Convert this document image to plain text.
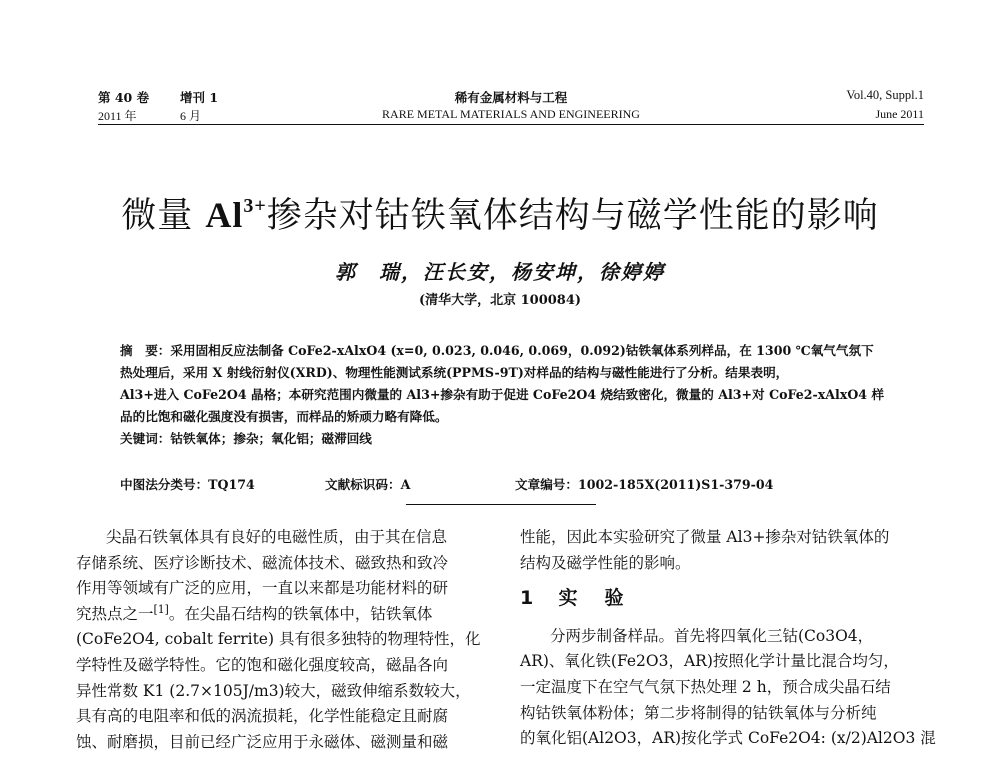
第 40 卷 增刊 1	稀有金属材料与工程	Vol.40, Suppl.1
2011 年	6 月	RARE METAL MATERIALS AND ENGINEERING	June 2011
微量 $Al^{3+}$掺杂对钴铁氧体结构与磁学性能的影响
郭　瑞，汪长安，杨安坤，徐婷婷
(清华大学，北京 100084)
摘　要：采用固相反应法制备 CoFe2-xAlxO4 (x=0, 0.023, 0.046, 0.069，0.092)钴铁氧体系列样品，在 1300 ℃氧气气氛下
热处理后，采用 X 射线衍射仪(XRD)、物理性能测试系统(PPMS-9T)对样品的结构与磁性能进行了分析。结果表明，
Al3+进入 CoFe2O4 晶格；本研究范围内微量的 Al3+掺杂有助于促进 CoFe2O4 烧结致密化，微量的 Al3+对 CoFe2-xAlxO4 样
品的比饱和磁化强度没有损害，而样品的矫顽力略有降低。
关键词：钴铁氧体；掺杂；氧化铝；磁滞回线
中图法分类号：TQ174	文献标识码：A	文章编号：1002-185X(2011)S1-379-04

尖晶石铁氧体具有良好的电磁性质，由于其在信息

存储系统、医疗诊断技术、磁流体技术、磁致热和致冷

作用等领域有广泛的应用，一直以来都是功能材料的研

究热点之一[1]。在尖晶石结构的铁氧体中，钴铁氧体

(CoFe2O4, cobalt ferrite) 具有很多独特的物理特性，化

学特性及磁学特性。它的饱和磁化强度较高，磁晶各向

异性常数 K1 (2.7×105J/m3)较大，磁致伸缩系数较大，

具有高的电阻率和低的涡流损耗，化学性能稳定且耐腐

蚀、耐磨损，目前已经广泛应用于永磁体、磁测量和磁

性能，因此本实验研究了微量 Al3+掺杂对钴铁氧体的

结构及磁学性能的影响。

1 实　验

分两步制备样品。首先将四氧化三钴(Co3O4，

AR)、氧化铁(Fe2O3，AR)按照化学计量比混合均匀，

一定温度下在空气气氛下热处理 2 h，预合成尖晶石结

构钴铁氧体粉体；第二步将制得的钴铁氧体与分析纯

的氧化铝(Al2O3，AR)按化学式 CoFe2O4: (x/2)Al2O3 混
